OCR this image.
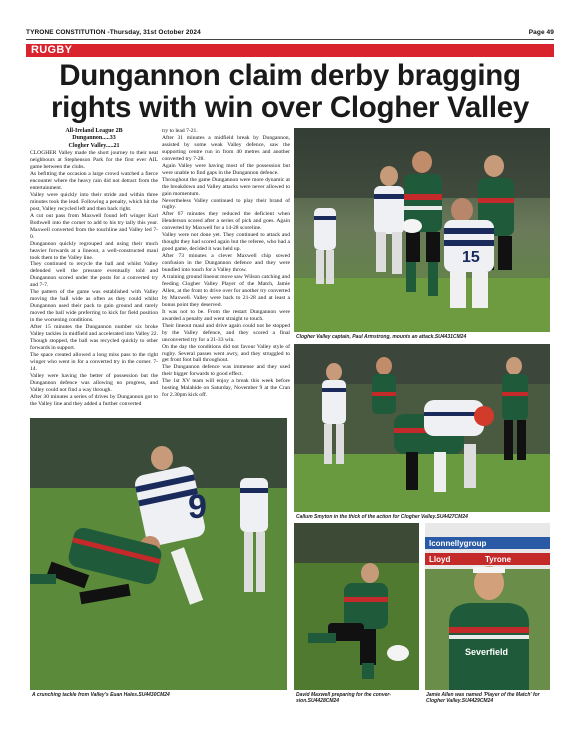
TYRONE CONSTITUTION -Thursday, 31st October 2024	Page 49
RUGBY
Dungannon claim derby bragging
rights with win over Clogher Valley
All-Ireland League 2B
Dungannon.....33
Clogher Valley.....21

CLOGHER Valley made the short journey to their neat neighbours at Stephenson Park for the first ever AIL game between the clubs.

As befitting the occasion a large crowd watched a fierce encounter where the heavy rain did not detract from the entertainment.

Valley were quickly into their stride and within three minutes took the lead. Following a penalty, which hit the post, Valley recycled left and then back right.

A cut out pass from Maxwell found left winger Karl Bothwell into the corner to add to his try tally this year. Maxwell converted from the touchline and Valley led 7-0.

Dungannon quickly regrouped and using their much heavier forwards at a lineout, a well-constructed maul took them to the Valley line.

They continued to recycle the ball and whilst Valley defended well the pressure eventually told and Dungannon scored under the posts for a converted try and 7-7.

The pattern of the game was established with Valley moving the ball wide as often as they could whilst Dungannon used their pack to gain ground and rarely moved the ball wide preferring to kick for field position in the worsening conditions.

After 15 minutes the Dungannon number six broke Valley tackles in midfield and accelerated into Valley 22. Though stopped, the ball was recycled quickly to other forwards in support.

The space created allowed a long miss pass to the right winger who went in for a converted try in the corner. 7-14.

Valley were having the better of possession but the Dungannon defence was allowing no progress, and Valley could not find a way through.

After 30 minutes a series of drives by Dungannon got to the Valley line and they added a further converted

try to lead 7-21.

After 31 minutes a midfield break by Dungannon, assisted by some weak Valley defence, saw the supporting centre run in from 40 metres and another converted try 7-28.

Again Valley were having most of the possession but were unable to find gaps in the Dungannon defence.

Throughout the game Dungannon were more dynamic at the breakdown and Valley attacks were never allowed to gain momentum.

Nevertheless Valley continued to play their brand of rugby.

After 67 minutes they reduced the deficient when Henderson scored after a series of pick and goes. Again converted by Maxwell for a 14-28 scoreline.

Valley were not done yet. They continued to attack and thought they had scored again but the referee, who had a good game, decided it was held up.

After 73 minutes a clever Maxwell chip sowed confusion in the Dungannon defence and they were bundled into touch for a Valley throw.

A training ground lineout move saw Wilson catching and feeding Clogher Valley Player of the Match, Jamie Allen, at the front to drive over for another try converted by Maxwell. Valley were back to 21-28 and at least a bonus point they deserved.

It was not to be. From the restart Dungannon were awarded a penalty and went straight to touch.

Their lineout maul and drive again could not be stopped by the Valley defence, and they scored a final unconverted try for a 21-33 win.

On the day the conditions did not favour Valley style of rugby. Several passes went awry, and they struggled to get front foot ball throughout.

The Dungannon defence was immense and they used their bigger forwards to good effect.

The 1st XV team will enjoy a break this week before hosting Malahide on Saturday, November 9 at the Cran for 2.30pm kick off.

15
Clogher Valley captain, Paul Armstrong, mounts an attack.SU4431CM24
Callum Smyton in the thick of the action for Clogher Valley.SU4427CM24
9
A crunching tackle from Valley's Euan Hales.SU4430CM24	David Maxwell preparing for the conver-sion.SU4428CM24
Iconnellygroup
Lloyd	Tyrone
Severfield
Jamie Allen was named 'Player of the Match' for Clogher Valley.SU4429CM24
